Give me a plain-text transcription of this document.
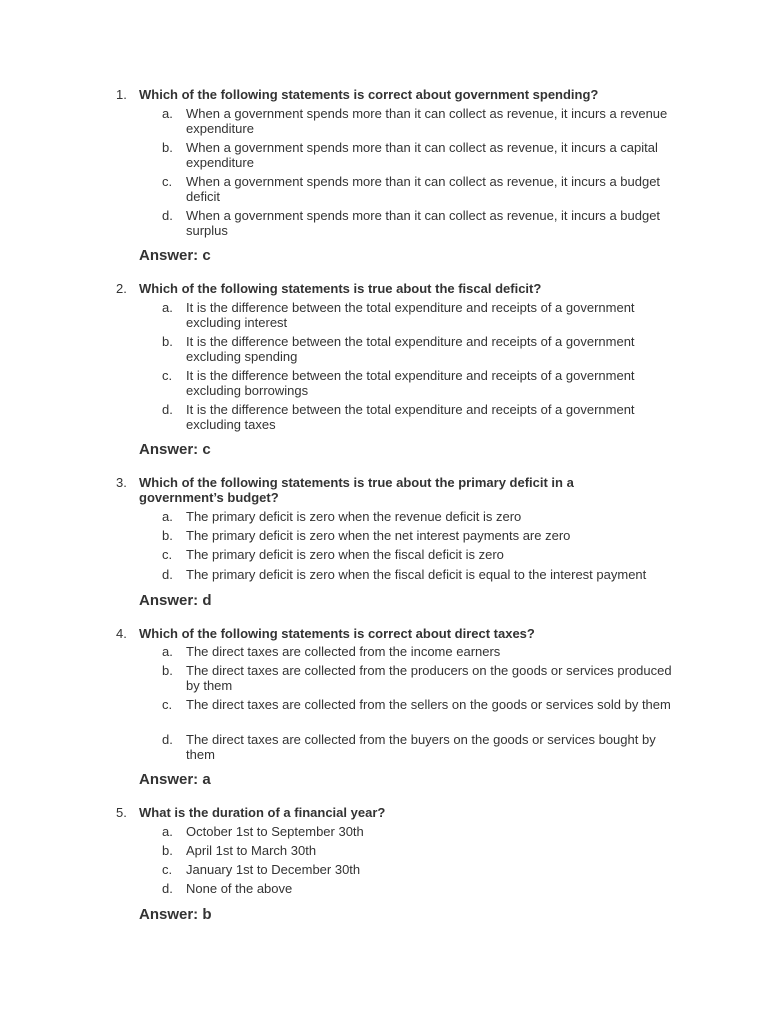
1. Which of the following statements is correct about government spending?
a. When a government spends more than it can collect as revenue, it incurs a revenue expenditure
b. When a government spends more than it can collect as revenue, it incurs a capital expenditure
c. When a government spends more than it can collect as revenue, it incurs a budget deficit
d. When a government spends more than it can collect as revenue, it incurs a budget surplus
Answer: c
2. Which of the following statements is true about the fiscal deficit?
a. It is the difference between the total expenditure and receipts of a government excluding interest
b. It is the difference between the total expenditure and receipts of a government excluding spending
c. It is the difference between the total expenditure and receipts of a government excluding borrowings
d. It is the difference between the total expenditure and receipts of a government excluding taxes
Answer: c
3. Which of the following statements is true about the primary deficit in a government’s budget?
a. The primary deficit is zero when the revenue deficit is zero
b. The primary deficit is zero when the net interest payments are zero
c. The primary deficit is zero when the fiscal deficit is zero
d. The primary deficit is zero when the fiscal deficit is equal to the interest payment
Answer: d
4. Which of the following statements is correct about direct taxes?
a. The direct taxes are collected from the income earners
b. The direct taxes are collected from the producers on the goods or services produced by them
c. The direct taxes are collected from the sellers on the goods or services sold by them
d. The direct taxes are collected from the buyers on the goods or services bought by them
Answer: a
5. What is the duration of a financial year?
a. October 1st to September 30th
b. April 1st to March 30th
c. January 1st to December 30th
d. None of the above
Answer: b
